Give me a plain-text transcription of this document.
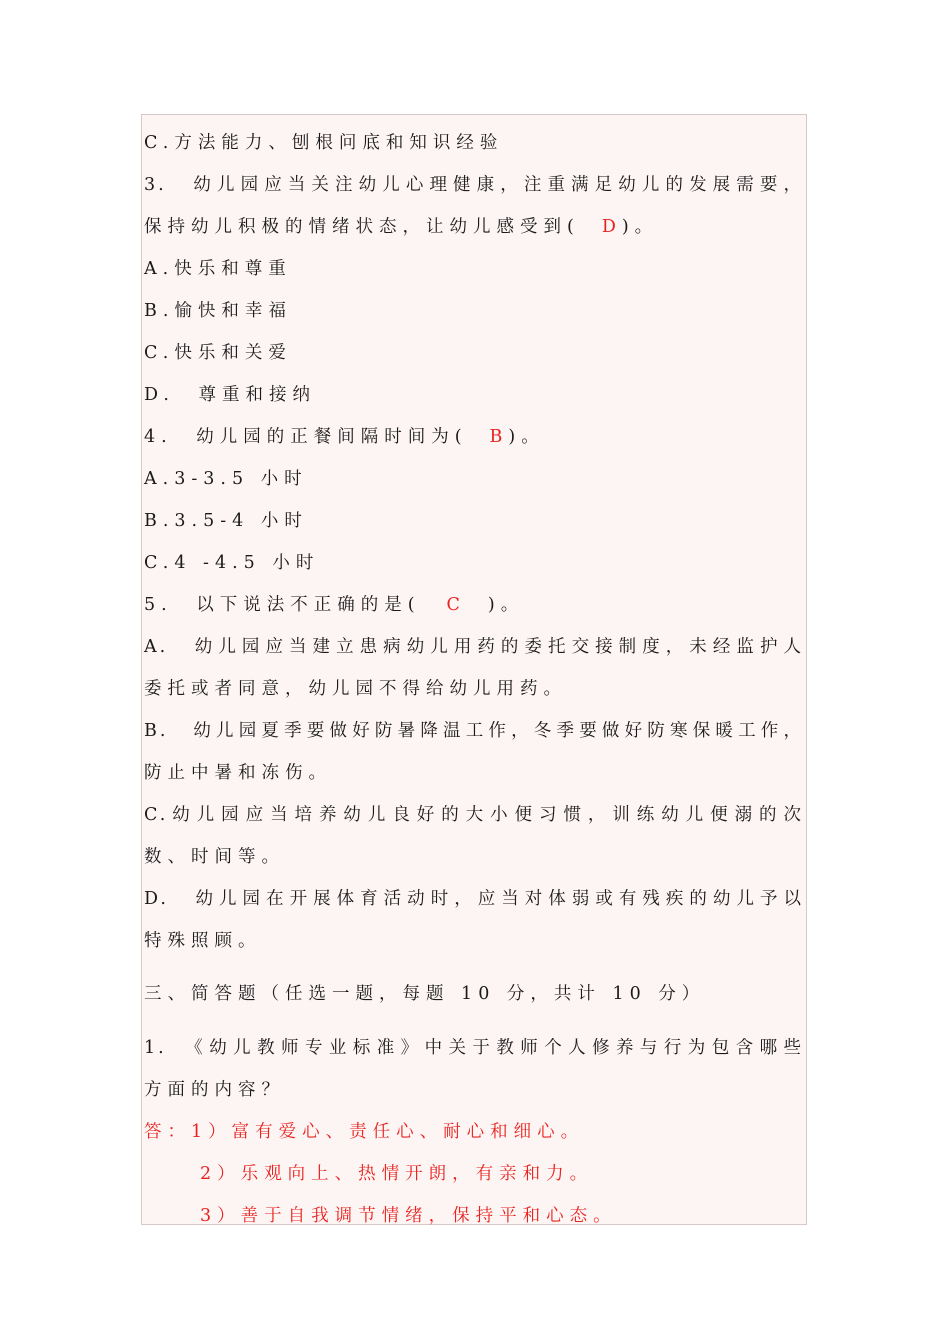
C.方法能力、刨根问底和知识经验

3.　幼儿园应当关注幼儿心理健康，注重满足幼儿的发展需要，

保持幼儿积极的情绪状态，让幼儿感受到( D)。

A.快乐和尊重

B.愉快和幸福

C.快乐和关爱

D.　尊重和接纳

4.　幼儿园的正餐间隔时间为( B)。

A.3-3.5 小时

B.3.5-4 小时

C.4 -4.5 小时

5.　以下说法不正确的是( C )。

A.　幼儿园应当建立患病幼儿用药的委托交接制度，未经监护人

委托或者同意，幼儿园不得给幼儿用药。

B.　幼儿园夏季要做好防暑降温工作，冬季要做好防寒保暖工作，

防止中暑和冻伤。

C.幼儿园应当培养幼儿良好的大小便习惯，训练幼儿便溺的次

数、时间等。

D.　幼儿园在开展体育活动时，应当对体弱或有残疾的幼儿予以

特殊照顾。

三、简答题（任选一题，每题 10 分，共计 10 分）

1.　《幼儿教师专业标准》中关于教师个人修养与行为包含哪些

方面的内容？

答：1）富有爱心、责任心、耐心和细心。

2）乐观向上、热情开朗，有亲和力。

3）善于自我调节情绪，保持平和心态。
